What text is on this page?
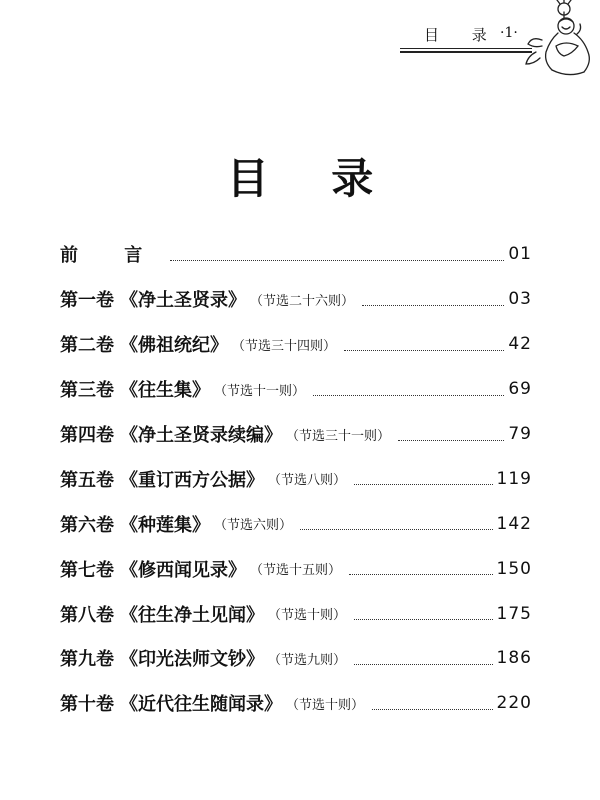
目 录 ·1·
目 录
前 言	01
第一卷 《净土圣贤录》 （节选二十六则）	03
第二卷 《佛祖统纪》 （节选三十四则）	42
第三卷 《往生集》 （节选十一则）	69
第四卷 《净土圣贤录续编》 （节选三十一则）	79
第五卷 《重订西方公据》 （节选八则）	119
第六卷 《种莲集》 （节选六则）	142
第七卷 《修西闻见录》 （节选十五则）	150
第八卷 《往生净土见闻》 （节选十则）	175
第九卷 《印光法师文钞》 （节选九则）	186
第十卷 《近代往生随闻录》 （节选十则）	220
